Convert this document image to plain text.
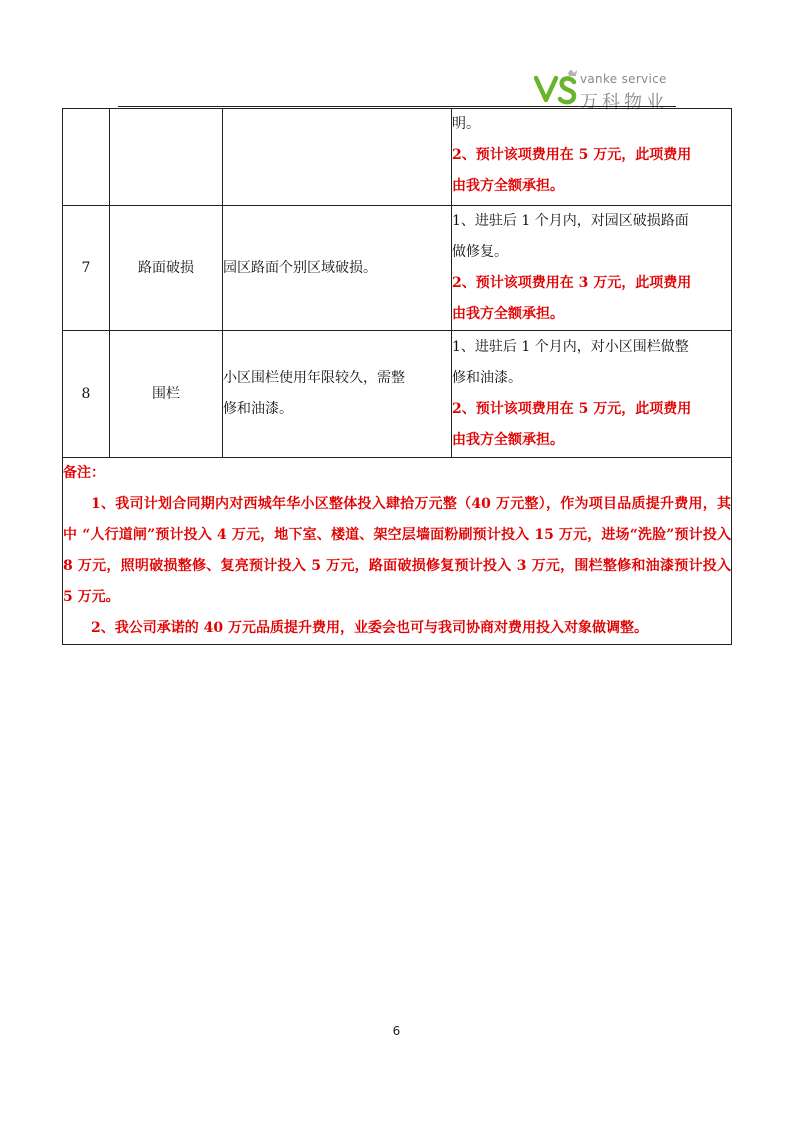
vanke service
万科物业

			明。
2、预计该项费用在 5 万元，此项费用
由我方全额承担。

7	路面破损	园区路面个别区域破损。	1、进驻后 1 个月内，对园区破损路面
做修复。
2、预计该项费用在 3 万元，此项费用
由我方全额承担。

8	围栏	小区围栏使用年限较久，需整
修和油漆。	1、进驻后 1 个月内，对小区围栏做整
修和油漆。
2、预计该项费用在 5 万元，此项费用
由我方全额承担。

备注：
1、我司计划合同期内对西城年华小区整体投入肆拾万元整（40 万元整），作为项目品质提升费用，其中 “人行道闸”预计投入 4 万元，地下室、楼道、架空层墙面粉刷预计投入 15 万元，进场“洗脸”预计投入 8 万元，照明破损整修、复亮预计投入 5 万元，路面破损修复预计投入 3 万元，围栏整修和油漆预计投入 5 万元。
2、我公司承诺的 40 万元品质提升费用，业委会也可与我司协商对费用投入对象做调整。			
6
